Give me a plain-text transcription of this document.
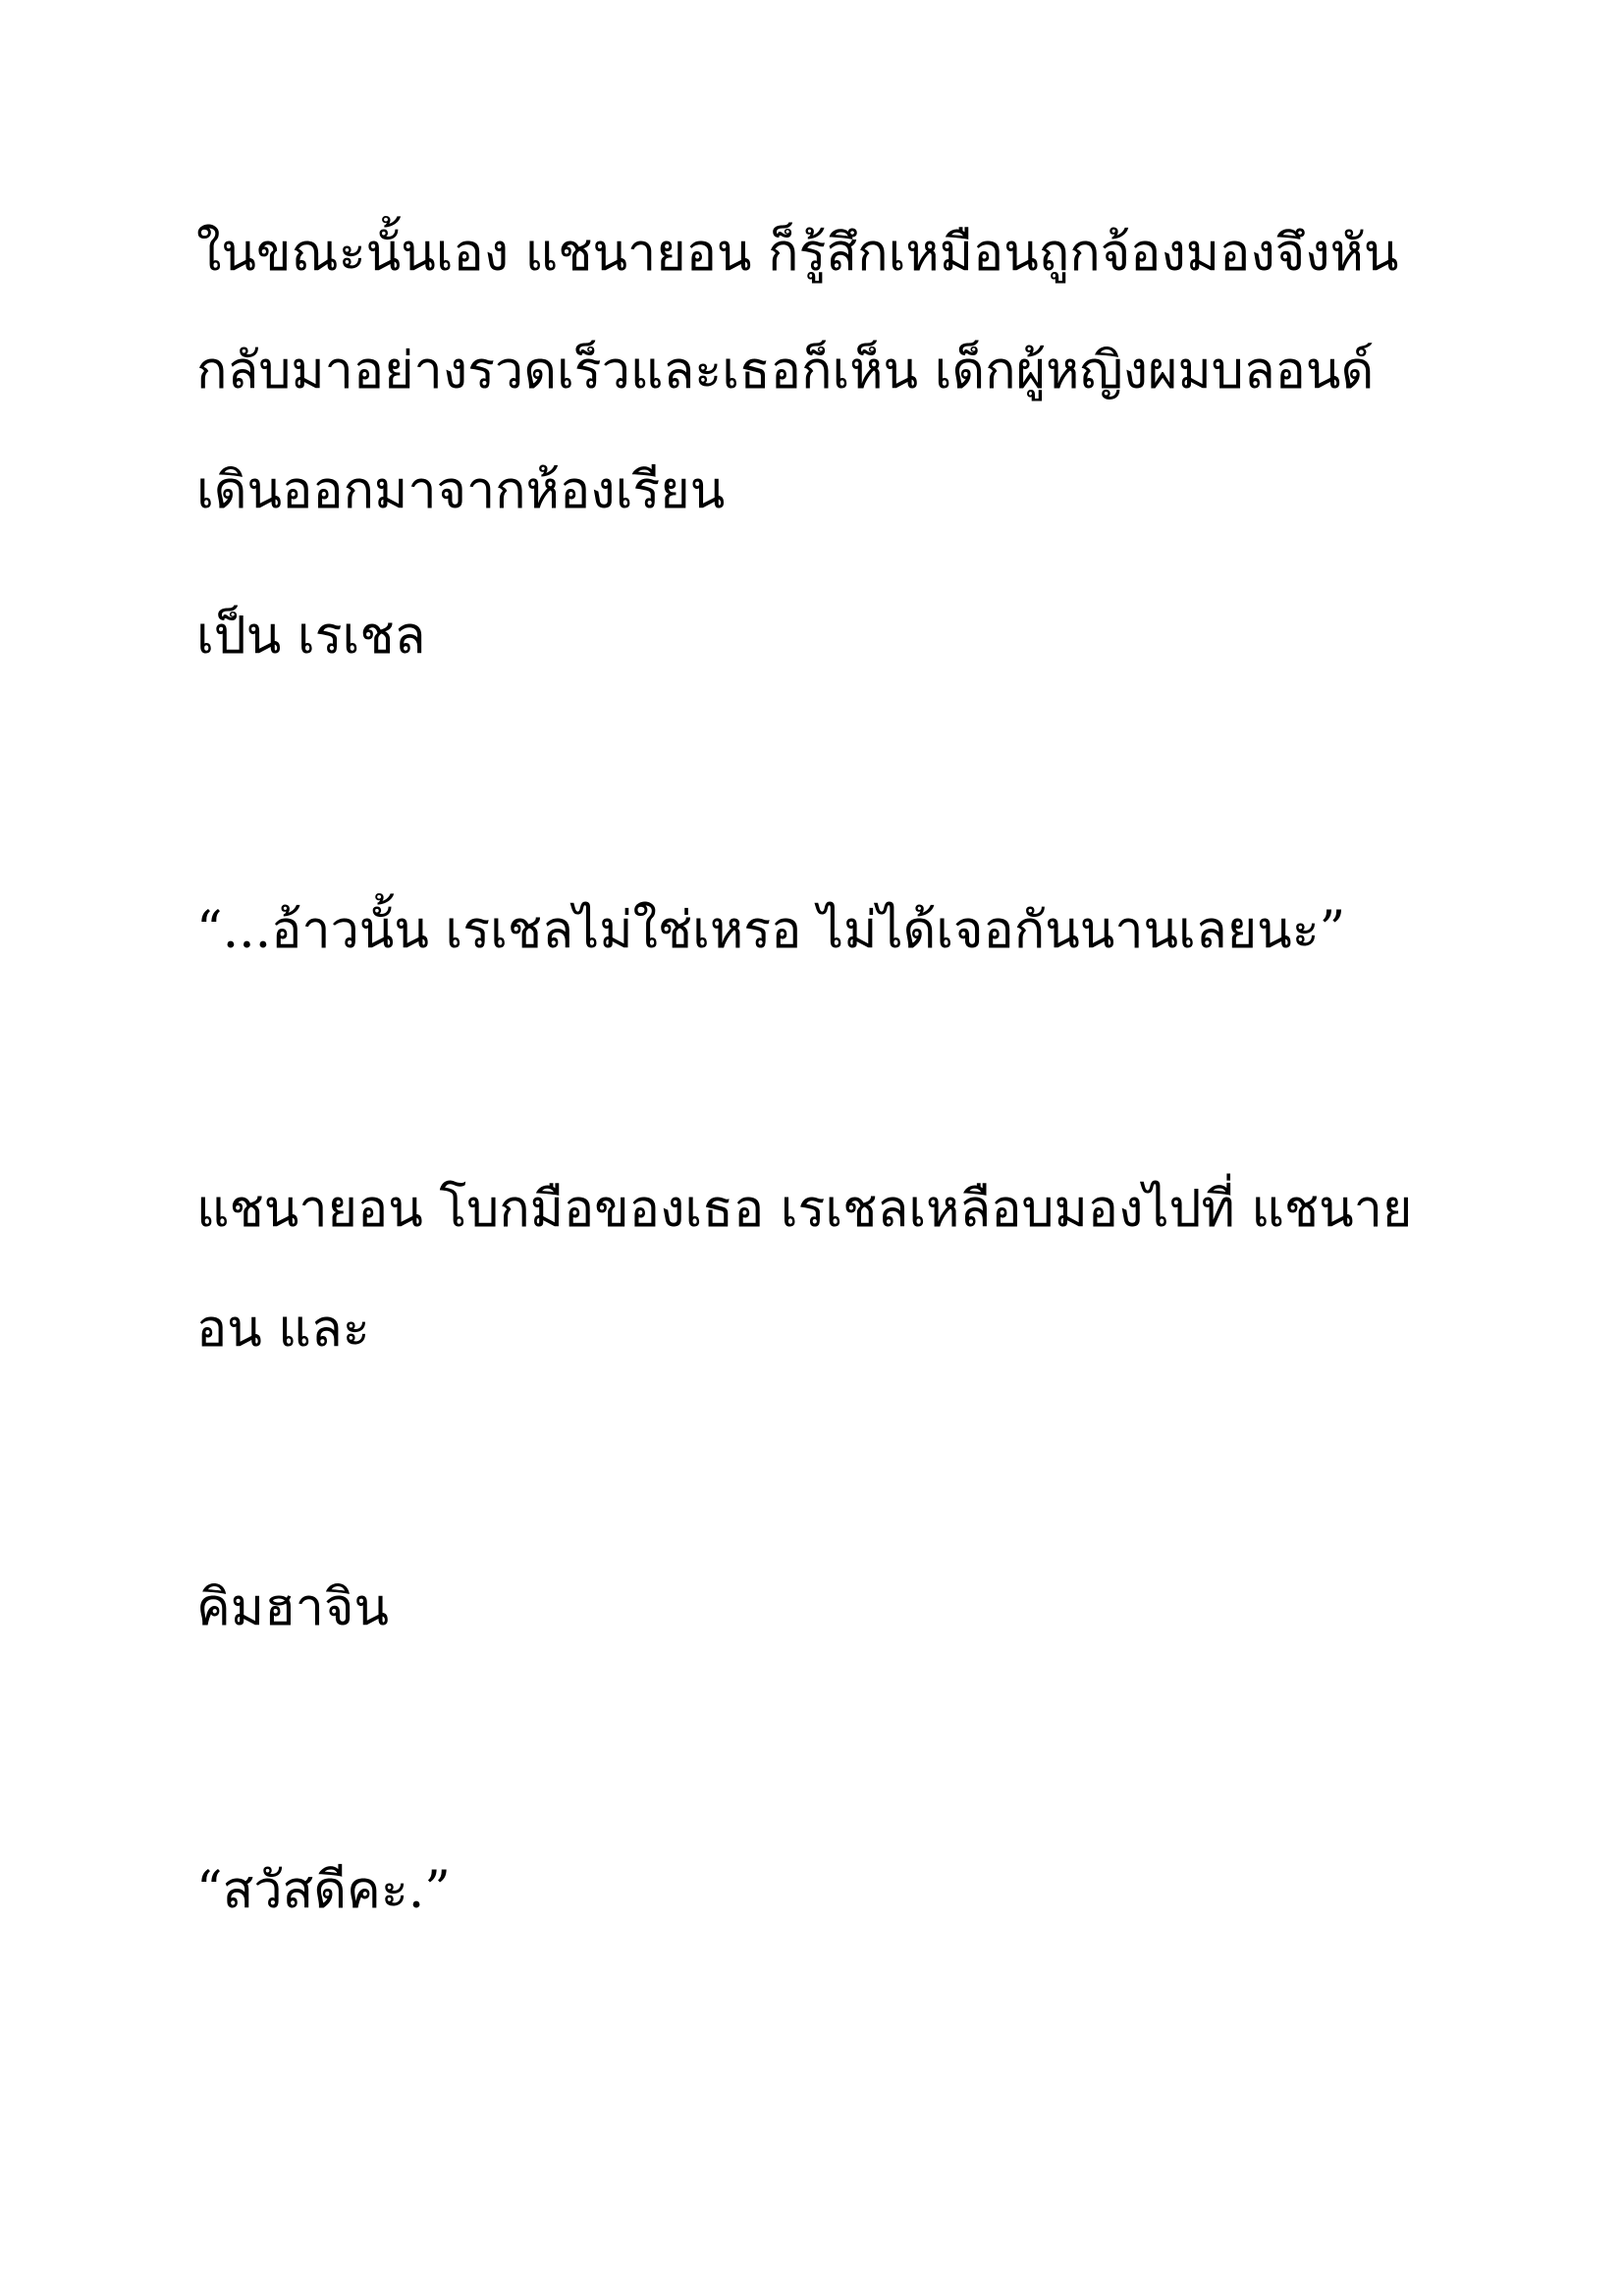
ในขณะนั้นเอง แชนายอน ก็รู้สึกเหมือนถูกจ้องมองจึงหัน
กลับมาอย่างรวดเร็วและเธอก็เห็น เด็กผู้หญิงผมบลอนด์
เดินออกมาจากห้องเรียน
เป็น เรเชล
“...อ้าวนั้น เรเชลไม่ใช่เหรอ ไม่ได้เจอกันนานเลยนะ”
แชนายอน โบกมือของเธอ เรเชลเหลือบมองไปที่ แชนาย
อน และ
คิมฮาจิน
“สวัสดีคะ.”
